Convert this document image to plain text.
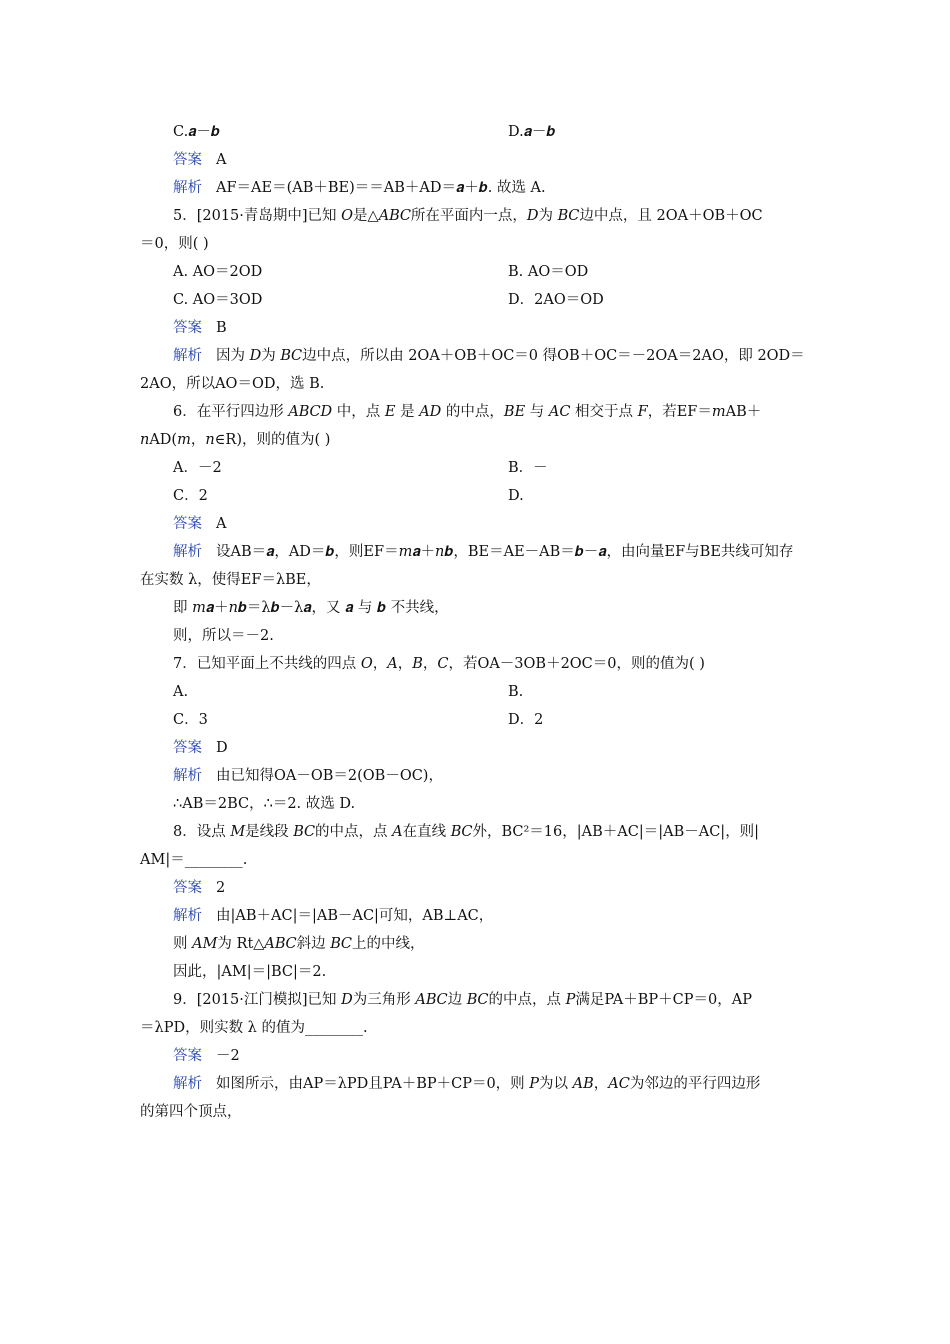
C.𝒂－𝒃	D.𝒂－𝒃
答案 A
解析 AF＝AE＝(AB＋BE)＝＝AB＋AD＝𝒂＋𝒃. 故选 A.
5．[2015·青岛期中]已知 𝑂是△𝐴𝐵𝐶所在平面内一点，𝐷为 𝐵𝐶边中点，且 2OA＋OB＋OC
＝0，则( )
A. AO＝2OD	B. AO＝OD
C. AO＝3OD	D．2AO＝OD
答案 B
解析 因为 𝐷为 𝐵𝐶边中点，所以由 2OA＋OB＋OC＝0 得OB＋OC＝－2OA＝2AO，即 2OD＝
2AO，所以AO＝OD，选 B.
6．在平行四边形 𝐴𝐵𝐶𝐷 中，点 𝐸 是 𝐴𝐷 的中点，𝐵𝐸 与 𝐴𝐶 相交于点 𝐹，若EF＝𝑚AB＋
𝑛AD(𝑚，𝑛∈R)，则的值为( )
A．－2	B．－
C．2	D.
答案 A
解析 设AB＝𝒂，AD＝𝒃，则EF＝𝑚𝒂＋𝑛𝒃，BE＝AE－AB＝𝒃－𝒂，由向量EF与BE共线可知存
在实数 λ，使得EF＝λBE，
即 𝑚𝒂＋𝑛𝒃＝λ𝒃－λ𝒂，又 𝒂 与 𝒃 不共线，
则，所以＝－2.
7．已知平面上不共线的四点 𝑂，𝐴，𝐵，𝐶，若OA－3OB＋2OC＝0，则的值为( )
A.	B.
C．3	D．2
答案 D
解析 由已知得OA－OB＝2(OB－OC)，
∴AB＝2BC，∴＝2. 故选 D.
8．设点 𝑀是线段 𝐵𝐶的中点，点 𝐴在直线 𝐵𝐶外，BC²＝16，|AB＋AC|＝|AB－AC|，则|
AM|＝________.
答案 2
解析 由|AB＋AC|＝|AB－AC|可知，AB⊥AC，
则 𝐴𝑀为 Rt△𝐴𝐵𝐶斜边 𝐵𝐶上的中线，
因此，|AM|＝|BC|＝2.
9．[2015·江门模拟]已知 𝐷为三角形 𝐴𝐵𝐶边 𝐵𝐶的中点，点 𝑃满足PA＋BP＋CP＝0，AP
＝λPD，则实数 λ 的值为________.
答案 －2
解析 如图所示，由AP＝λPD且PA＋BP＋CP＝0，则 𝑃为以 𝐴𝐵，𝐴𝐶为邻边的平行四边形
的第四个顶点，
